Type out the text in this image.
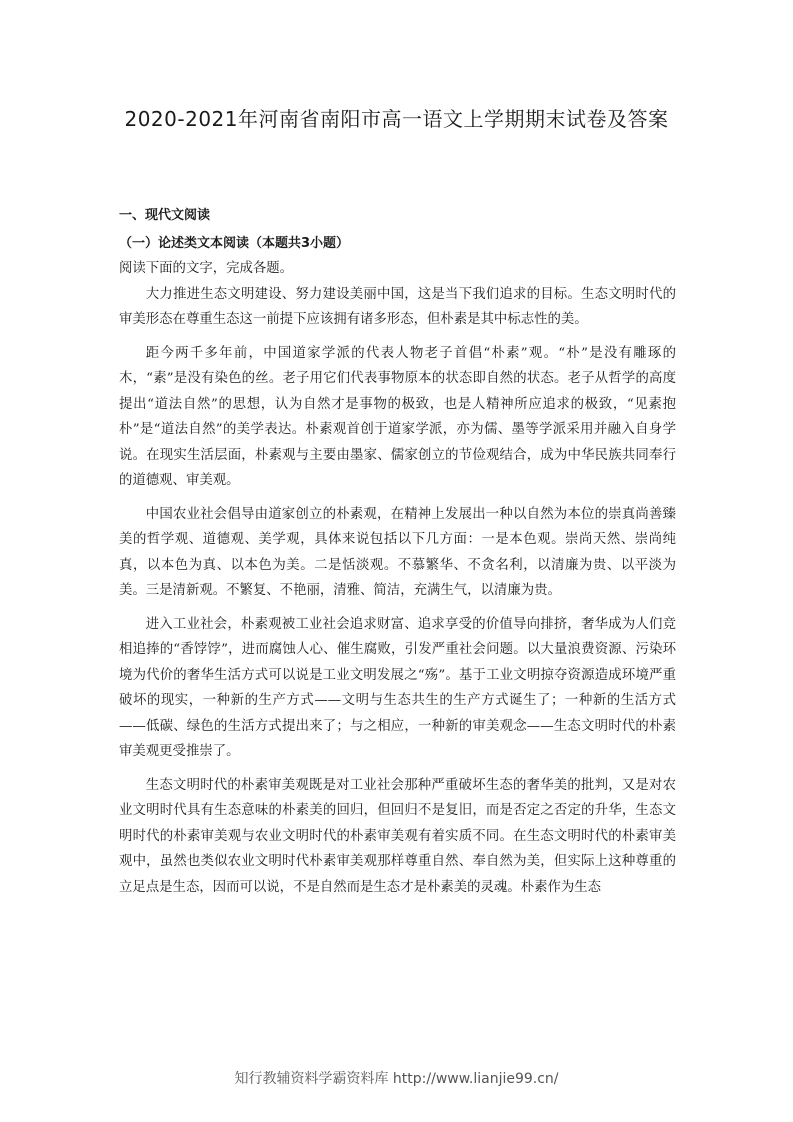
2020-2021年河南省南阳市高一语文上学期期末试卷及答案
一、现代文阅读
（一）论述类文本阅读（本题共3小题）
阅读下面的文字，完成各题。

大力推进生态文明建设、努力建设美丽中国，这是当下我们追求的目标。生态文明时代的审美形态在尊重生态这一前提下应该拥有诸多形态，但朴素是其中标志性的美。

距今两千多年前，中国道家学派的代表人物老子首倡“朴素”观。“朴”是没有雕琢的木，“素”是没有染色的丝。老子用它们代表事物原本的状态即自然的状态。老子从哲学的高度提出“道法自然”的思想，认为自然才是事物的极致，也是人精神所应追求的极致，“见素抱朴”是“道法自然”的美学表达。朴素观首创于道家学派，亦为儒、墨等学派采用并融入自身学说。在现实生活层面，朴素观与主要由墨家、儒家创立的节俭观结合，成为中华民族共同奉行的道德观、审美观。

中国农业社会倡导由道家创立的朴素观，在精神上发展出一种以自然为本位的崇真尚善臻美的哲学观、道德观、美学观，具体来说包括以下几方面：一是本色观。崇尚天然、崇尚纯真，以本色为真、以本色为美。二是恬淡观。不慕繁华、不贪名利，以清廉为贵、以平淡为美。三是清新观。不繁复、不艳丽，清雅、简洁，充满生气，以清廉为贵。

进入工业社会，朴素观被工业社会追求财富、追求享受的价值导向排挤，奢华成为人们竞相追捧的“香饽饽”，进而腐蚀人心、催生腐败，引发严重社会问题。以大量浪费资源、污染环境为代价的奢华生活方式可以说是工业文明发展之“殇”。基于工业文明掠夺资源造成环境严重破坏的现实，一种新的生产方式——文明与生态共生的生产方式诞生了；一种新的生活方式——低碳、绿色的生活方式提出来了；与之相应，一种新的审美观念——生态文明时代的朴素审美观更受推崇了。

生态文明时代的朴素审美观既是对工业社会那种严重破坏生态的奢华美的批判，又是对农业文明时代具有生态意味的朴素美的回归，但回归不是复旧，而是否定之否定的升华，生态文明时代的朴素审美观与农业文明时代的朴素审美观有着实质不同。在生态文明时代的朴素审美观中，虽然也类似农业文明时代朴素审美观那样尊重自然、奉自然为美，但实际上这种尊重的立足点是生态，因而可以说，不是自然而是生态才是朴素美的灵魂。朴素作为生态

知行教辅资料学霸资料库 http://www.lianjie99.cn/
